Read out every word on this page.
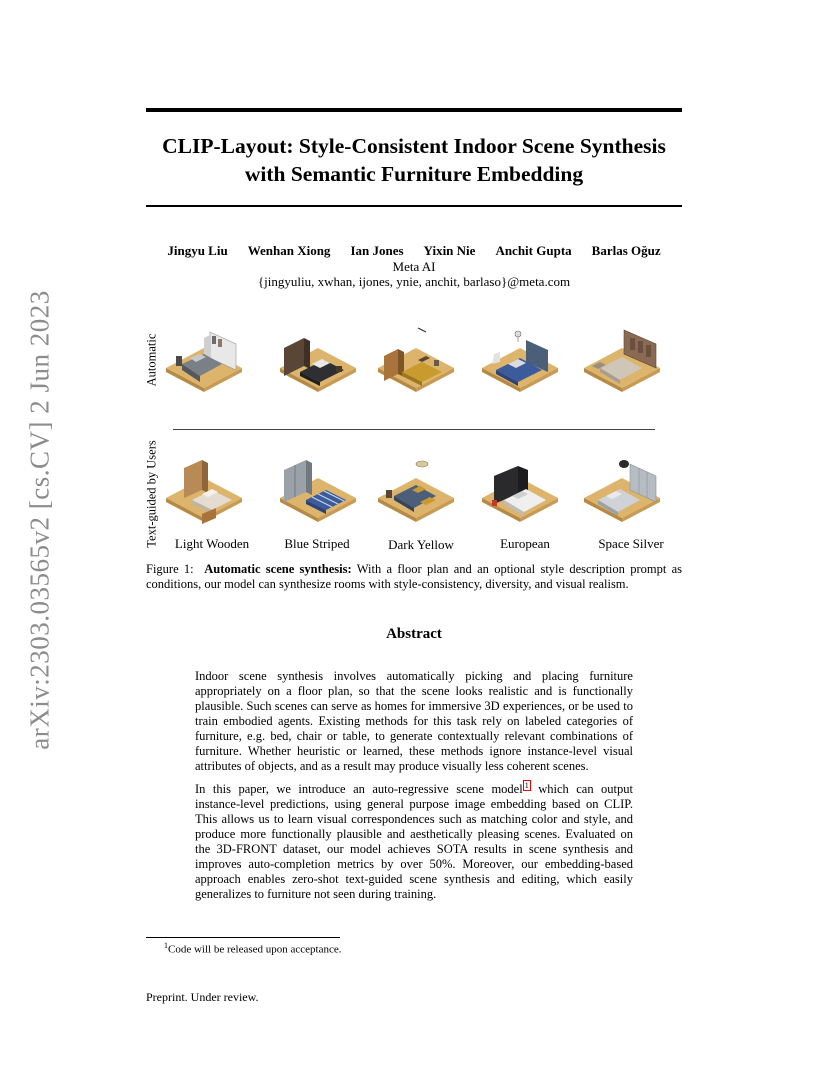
arXiv:2303.03565v2 [cs.CV] 2 Jun 2023
CLIP-Layout: Style-Consistent Indoor Scene Synthesis
with Semantic Furniture Embedding
Jingyu Liu Wenhan Xiong Ian Jones Yixin Nie Anchit Gupta Barlas Oğuz
Meta AI
{jingyuliu, xwhan, ijones, ynie, anchit, barlaso}@meta.com
Automatic
Text-guided by Users	Light Wooden	Blue Striped	Dark Yellow	European	Space Silver
Figure 1: Automatic scene synthesis: With a floor plan and an optional style description prompt as conditions, our model can synthesize rooms with style-consistency, diversity, and visual realism.
Abstract
Indoor scene synthesis involves automatically picking and placing furniture appropriately on a floor plan, so that the scene looks realistic and is functionally plausible. Such scenes can serve as homes for immersive 3D experiences, or be used to train embodied agents. Existing methods for this task rely on labeled categories of furniture, e.g. bed, chair or table, to generate contextually relevant combinations of furniture. Whether heuristic or learned, these methods ignore instance-level visual attributes of objects, and as a result may produce visually less coherent scenes.
In this paper, we introduce an auto-regressive scene model 1 which can output instance-level predictions, using general purpose image embedding based on CLIP. This allows us to learn visual correspondences such as matching color and style, and produce more functionally plausible and aesthetically pleasing scenes. Evaluated on the 3D-FRONT dataset, our model achieves SOTA results in scene synthesis and improves auto-completion metrics by over 50%. Moreover, our embedding-based approach enables zero-shot text-guided scene synthesis and editing, which easily generalizes to furniture not seen during training.
$^1$Code will be released upon acceptance.
Preprint. Under review.
